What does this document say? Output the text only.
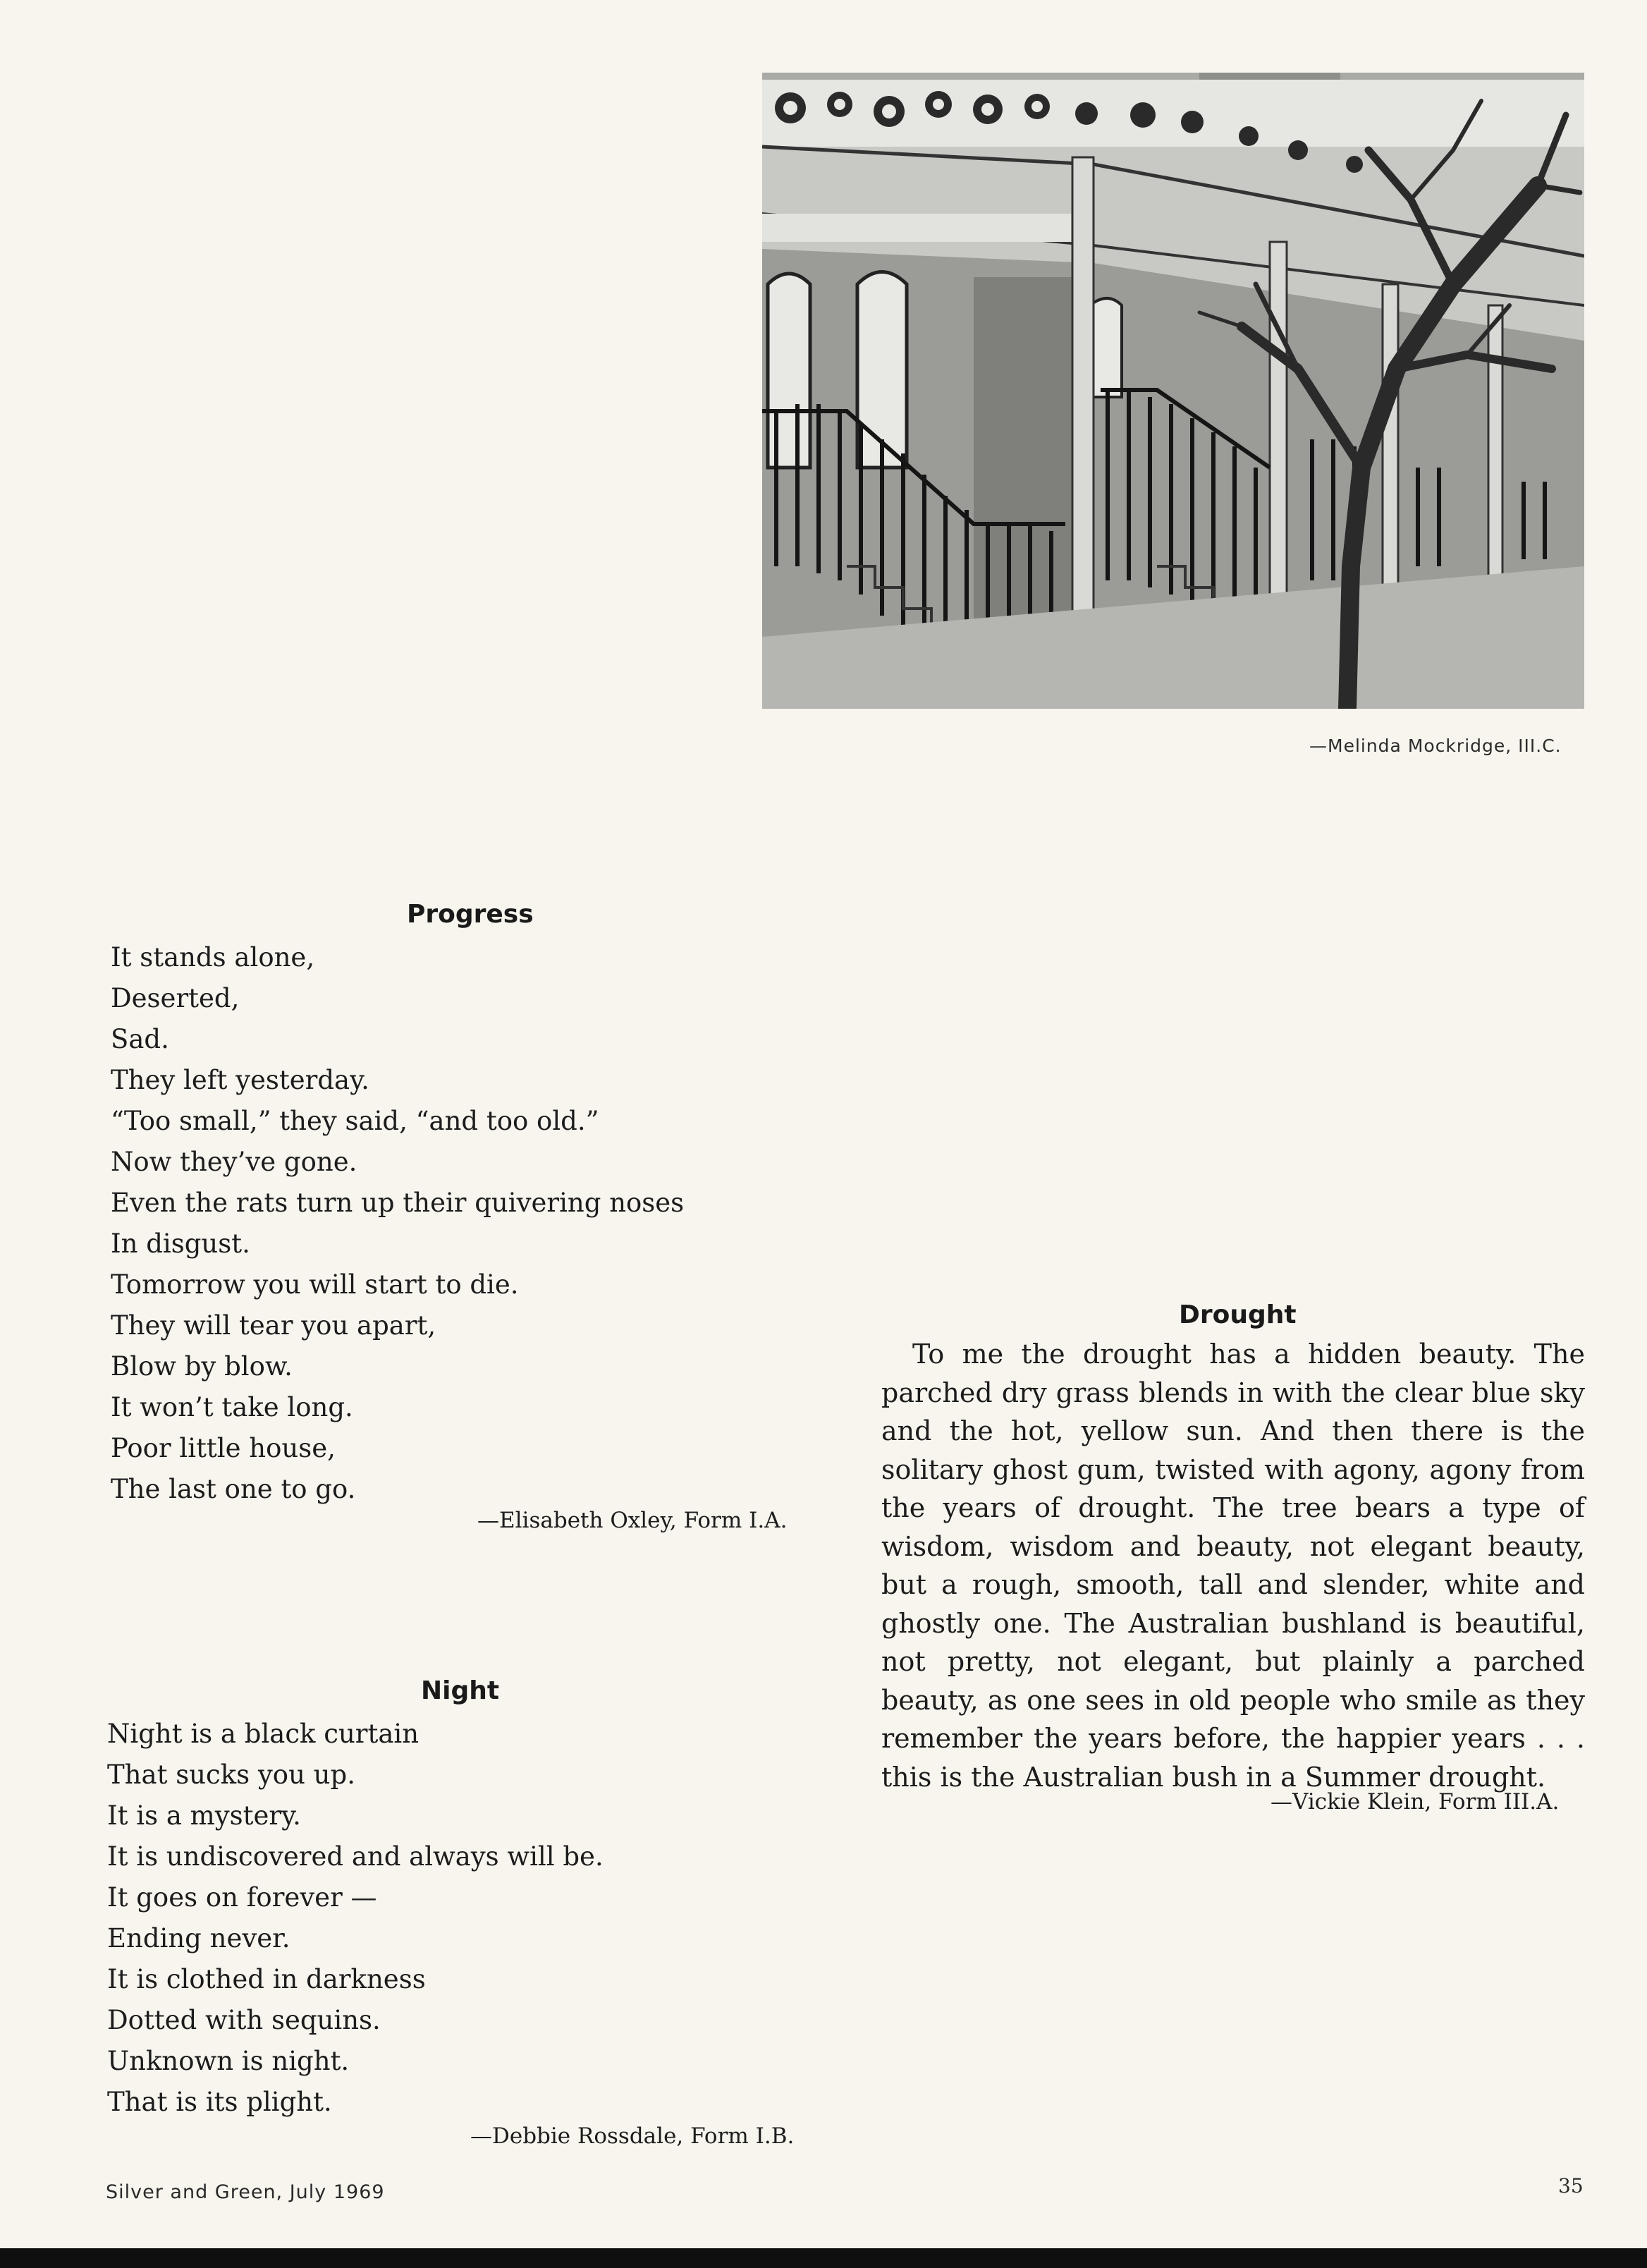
—Melinda Mockridge, III.C.
Progress
It stands alone,
Deserted,
Sad.
They left yesterday.
“Too small,” they said, “and too old.”
Now they’ve gone.
Even the rats turn up their quivering noses
In disgust.
Tomorrow you will start to die.
They will tear you apart,
Blow by blow.
It won’t take long.
Poor little house,
The last one to go.
—Elisabeth Oxley, Form I.A.
Night
Night is a black curtain
That sucks you up.
It is a mystery.
It is undiscovered and always will be.
It goes on forever —
Ending never.
It is clothed in darkness
Dotted with sequins.
Unknown is night.
That is its plight.
—Debbie Rossdale, Form I.B.
Drought

To me the drought has a hidden beauty. The parched dry grass blends in with the clear blue sky and the hot, yellow sun. And then there is the solitary ghost gum, twisted with agony, agony from the years of drought. The tree bears a type of wisdom, wisdom and beauty, not elegant beauty, but a rough, smooth, tall and slender, white and ghostly one. The Australian bushland is beautiful, not pretty, not elegant, but plainly a parched beauty, as one sees in old people who smile as they remember the years before, the happier years . . . this is the Australian bush in a Summer drought.

—Vickie Klein, Form III.A.
Silver and Green, July 1969	35
